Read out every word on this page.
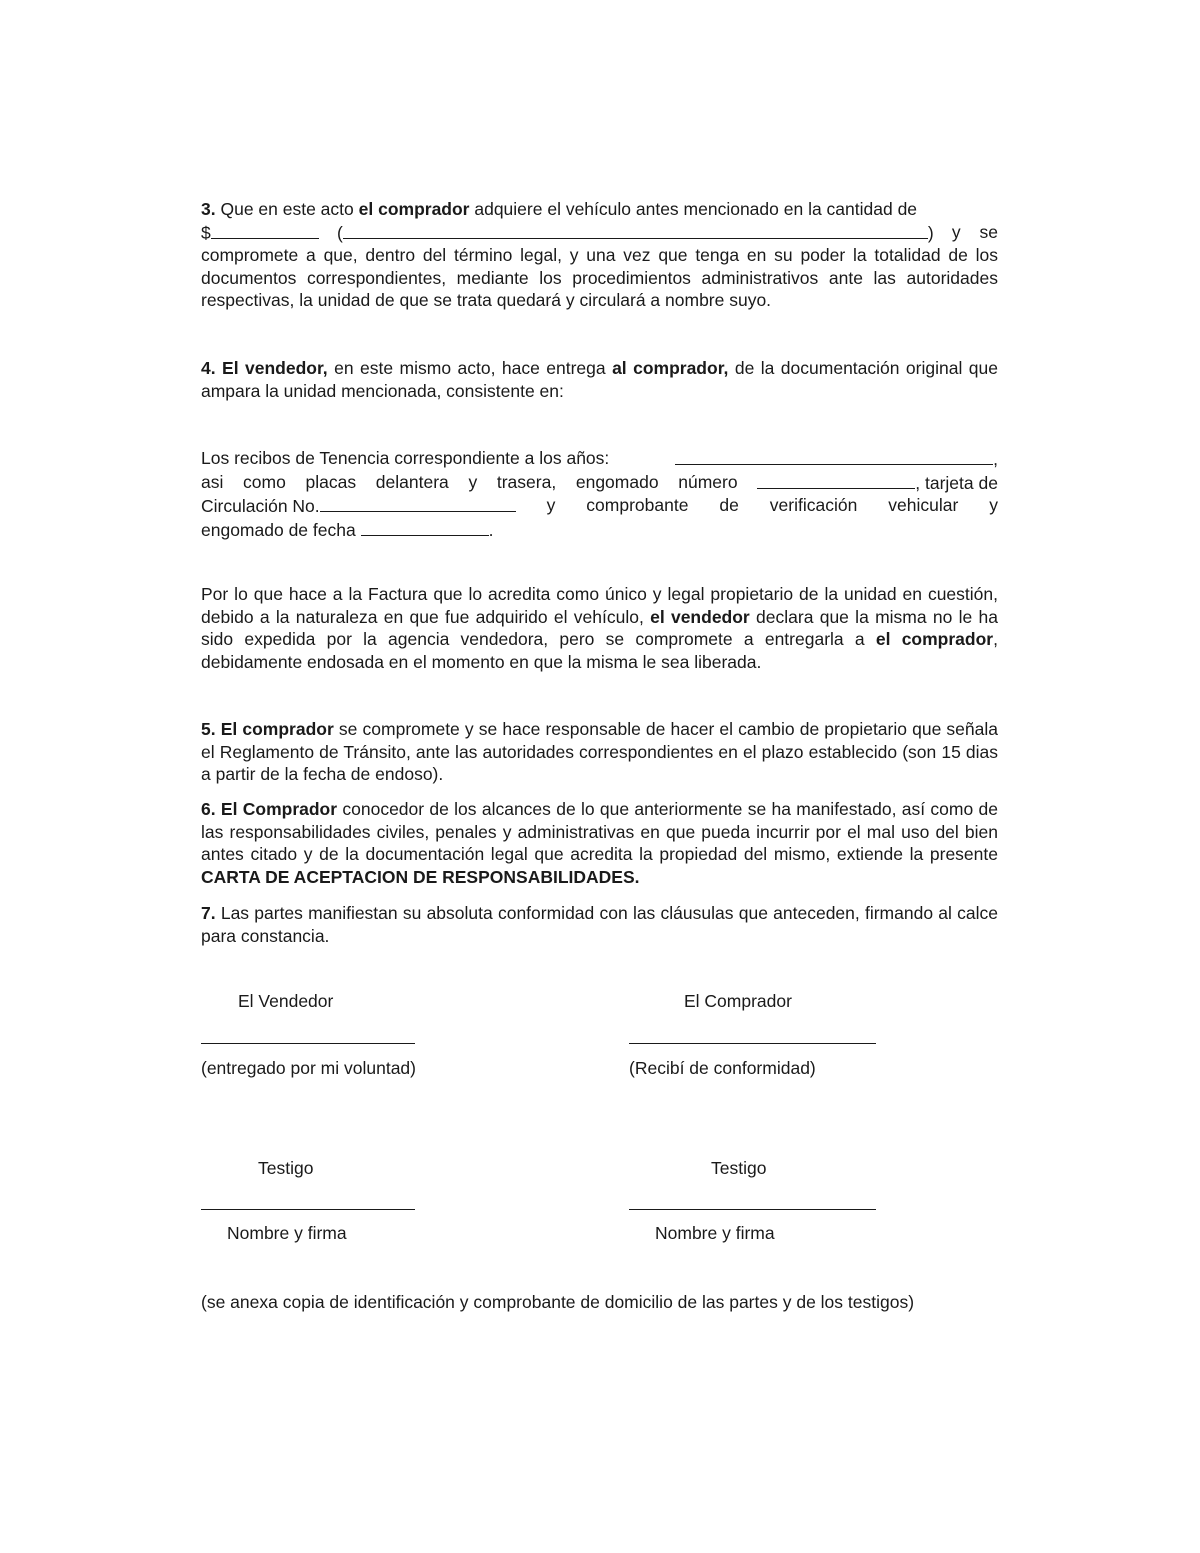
3. Que en este acto el comprador adquiere el vehículo antes mencionado en la cantidad de

$	(	) y se

compromete a que, dentro del término legal, y una vez que tenga en su poder la totalidad de los documentos correspondientes, mediante los procedimientos administrativos ante las autoridades respectivas, la unidad de que se trata quedará y circulará a nombre suyo.

4. El vendedor, en este mismo acto, hace entrega al comprador, de la documentación original que ampara la unidad mencionada, consistente en:

Los recibos de Tenencia correspondiente a los años:	,
asi como placas delantera y trasera, engomado número	, tarjeta de
Circulación No.	y comprobante de verificación vehicular y
engomado de fecha	.

Por lo que hace a la Factura que lo acredita como único y legal propietario de la unidad en cuestión, debido a la naturaleza en que fue adquirido el vehículo, el vendedor declara que la misma no le ha sido expedida por la agencia vendedora, pero se compromete a entregarla a el comprador, debidamente endosada en el momento en que la misma le sea liberada.

5. El comprador se compromete y se hace responsable de hacer el cambio de propietario que señala el Reglamento de Tránsito, ante las autoridades correspondientes en el plazo establecido (son 15 dias a partir de la fecha de endoso).

6. El Comprador conocedor de los alcances de lo que anteriormente se ha manifestado, así como de las responsabilidades civiles, penales y administrativas en que pueda incurrir por el mal uso del bien antes citado y de la documentación legal que acredita la propiedad del mismo, extiende la presente CARTA DE ACEPTACION DE RESPONSABILIDADES.

7. Las partes manifiestan su absoluta conformidad con las cláusulas que anteceden, firmando al calce para constancia.

El Vendedor	El Comprador
(entregado por mi voluntad)	(Recibí de conformidad)
Testigo	Testigo
Nombre y firma	Nombre y firma
(se anexa copia de identificación y comprobante de domicilio de las partes y de los testigos)
